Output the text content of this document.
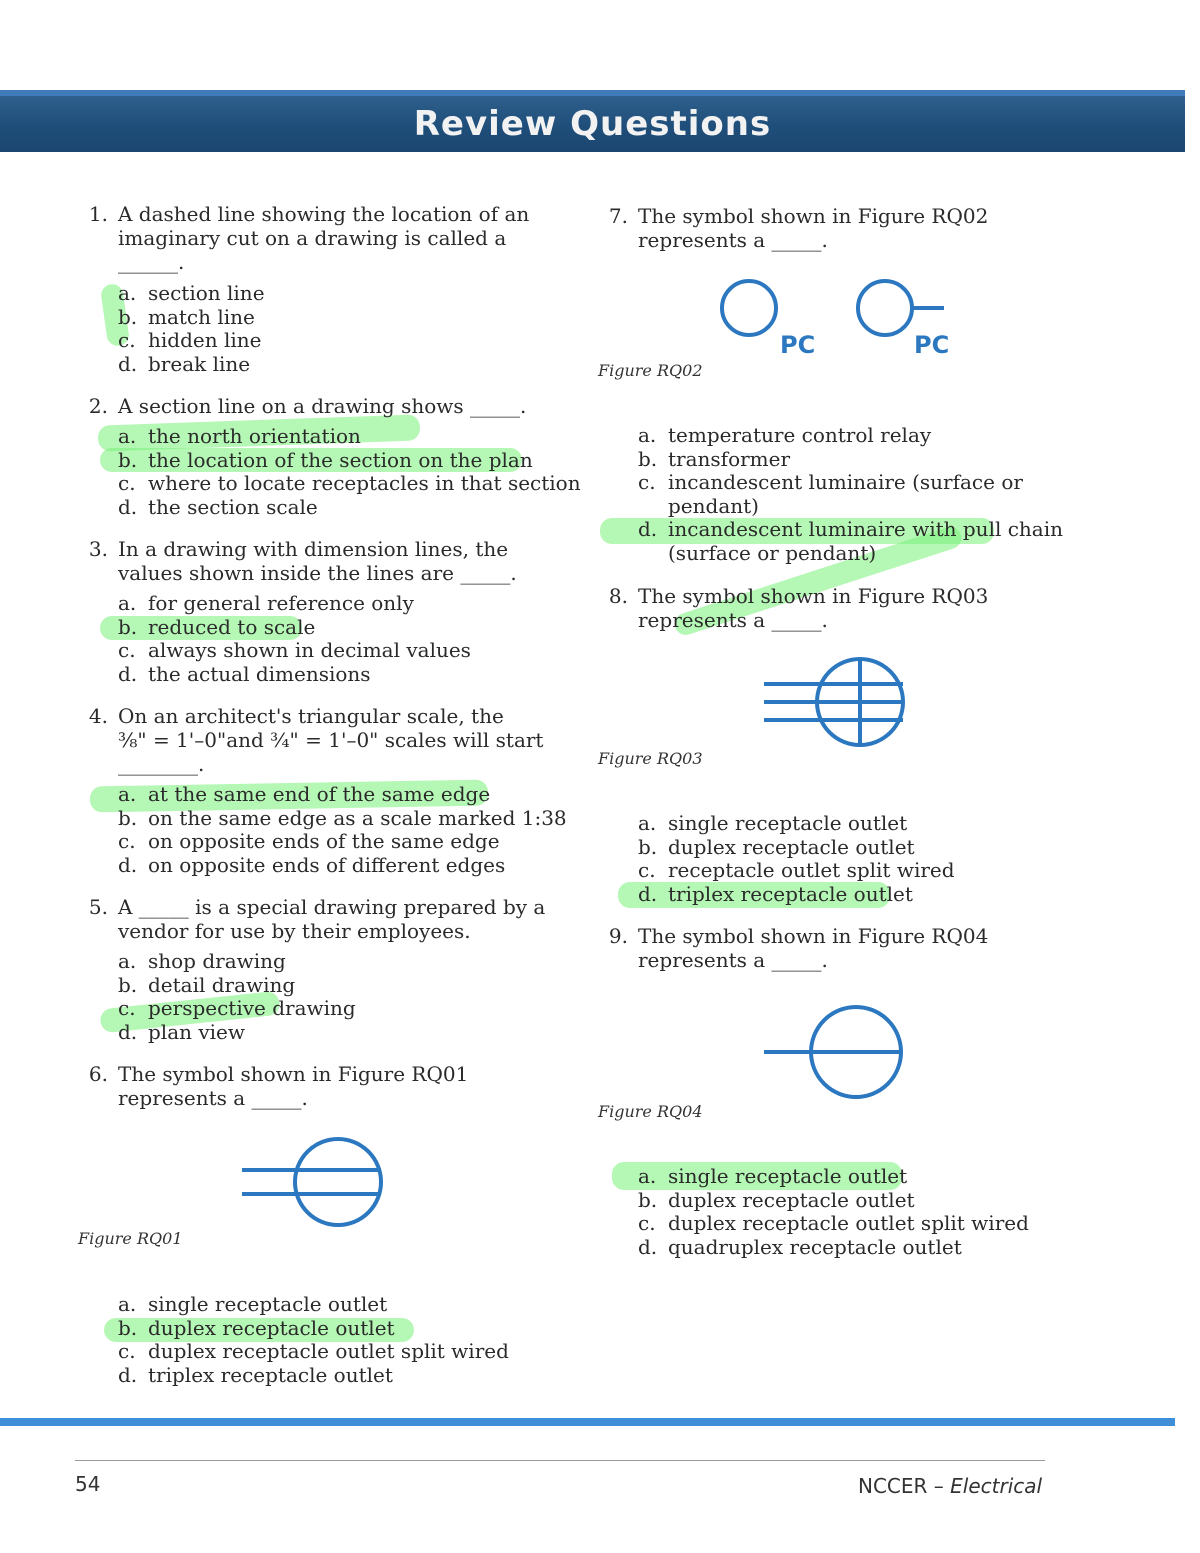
Review Questions
1. A dashed line showing the location of an
imaginary cut on a drawing is called a
______.
a. section line
b. match line
c. hidden line
d. break line
2. A section line on a drawing shows _____.
a. the north orientation
b. the location of the section on the plan
c. where to locate receptacles in that section
d. the section scale
3. In a drawing with dimension lines, the
values shown inside the lines are _____.
a. for general reference only
b. reduced to scale
c. always shown in decimal values
d. the actual dimensions
4. On an architect's triangular scale, the
⅜" = 1'–0"and ¾" = 1'–0" scales will start
________.
a. at the same end of the same edge
b. on the same edge as a scale marked 1:38
c. on opposite ends of the same edge
d. on opposite ends of different edges
5. A _____ is a special drawing prepared by a
vendor for use by their employees.
a. shop drawing
b. detail drawing
c. perspective drawing
d. plan view
6. The symbol shown in Figure RQ01
represents a _____.
Figure RQ01
a. single receptacle outlet
b. duplex receptacle outlet
c. duplex receptacle outlet split wired
d. triplex receptacle outlet
7. The symbol shown in Figure RQ02
represents a _____.
PC	PC
Figure RQ02
a. temperature control relay
b. transformer
c. incandescent luminaire (surface or
pendant)
d. incandescent luminaire with pull chain
(surface or pendant)
8. The symbol shown in Figure RQ03
represents a _____.
Figure RQ03
a. single receptacle outlet
b. duplex receptacle outlet
c. receptacle outlet split wired
d. triplex receptacle outlet
9. The symbol shown in Figure RQ04
represents a _____.
Figure RQ04
a. single receptacle outlet
b. duplex receptacle outlet
c. duplex receptacle outlet split wired
d. quadruplex receptacle outlet
54	NCCER – Electrical
